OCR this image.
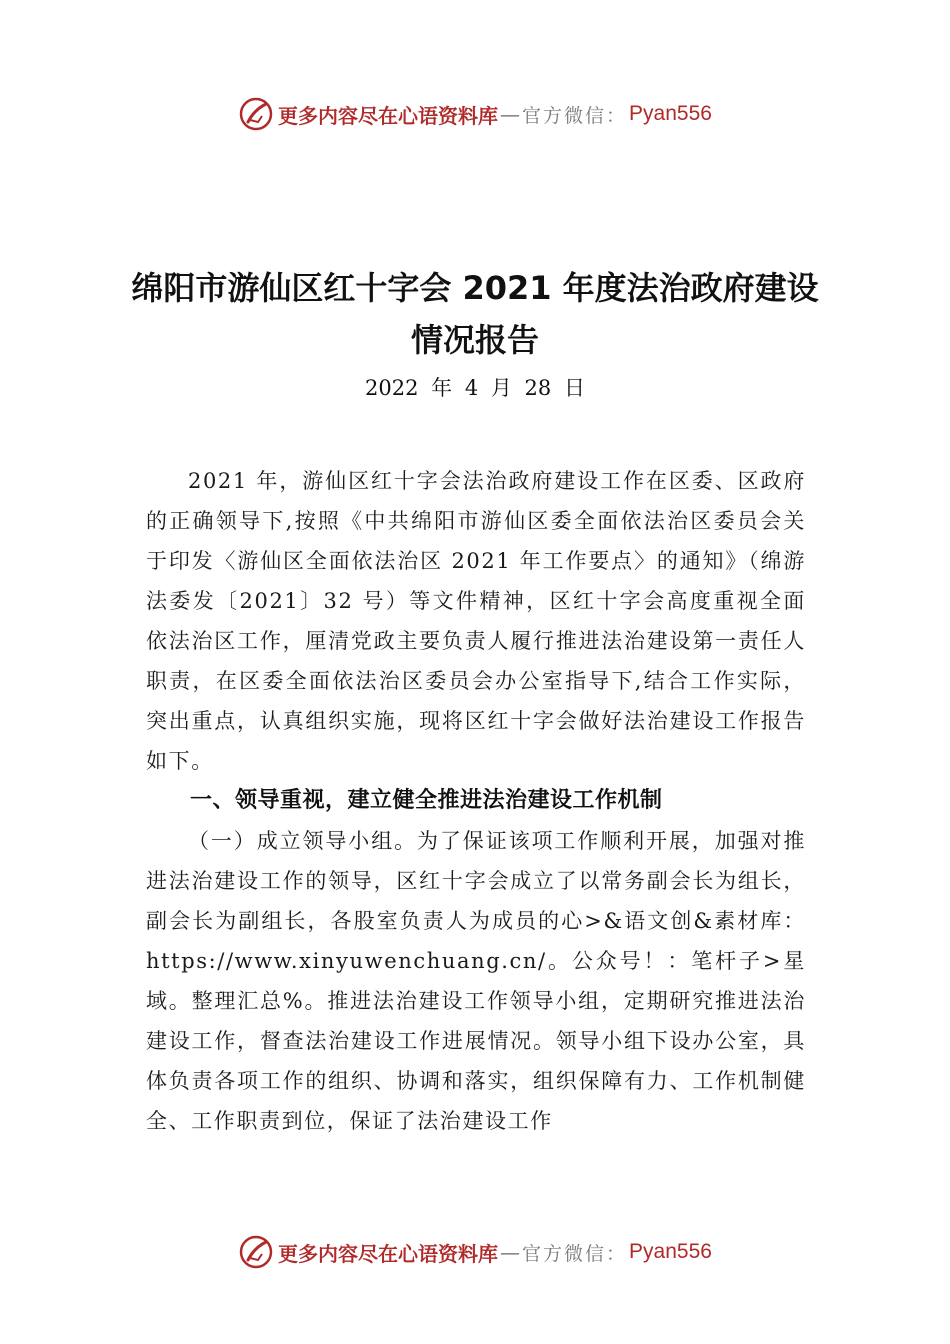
更多内容尽在心语资料库 — 官方微信： Pyan556
绵阳市游仙区红十字会 2021 年度法治政府建设情况报告

2022 年 4 月 28 日

2021 年，游仙区红十字会法治政府建设工作在区委、区政府的正确领导下,按照《中共绵阳市游仙区委全面依法治区委员会关于印发〈游仙区全面依法治区 2021 年工作要点〉的通知》（绵游法委发〔2021〕32 号）等文件精神，区红十字会高度重视全面依法治区工作，厘清党政主要负责人履行推进法治建设第一责任人职责，在区委全面依法治区委员会办公室指导下,结合工作实际，突出重点，认真组织实施，现将区红十字会做好法治建设工作报告如下。

一、领导重视，建立健全推进法治建设工作机制

（一）成立领导小组。为了保证该项工作顺利开展，加强对推进法治建设工作的领导，区红十字会成立了以常务副会长为组长，副会长为副组长，各股室负责人为成员的心>&语文创&素材库：https://www.xinyuwenchuang.cn/。公众号！：笔杆子>星域。整理汇总%。推进法治建设工作领导小组，定期研究推进法治建设工作，督查法治建设工作进展情况。领导小组下设办公室，具体负责各项工作的组织、协调和落实，组织保障有力、工作机制健全、工作职责到位，保证了法治建设工作

更多内容尽在心语资料库 — 官方微信： Pyan556
